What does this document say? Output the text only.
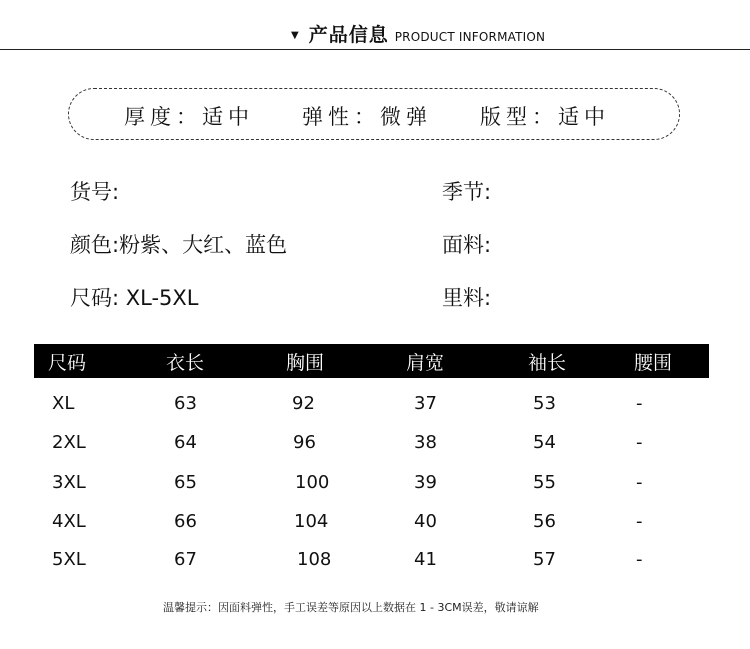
▼ 产品信息 PRODUCT INFORMATION
厚度：适中 弹性：微弹 版型：适中
货号:	季节:
颜色:粉紫、大红、蓝色	面料:
尺码: XL-5XL	里料:
尺码	衣长	胸围	肩宽	袖长	腰围
XL	63	92	37	53	-
2XL	64	96	38	54	-
3XL	65	100	39	55	-
4XL	66	104	40	56	-
5XL	67	108	41	57	-
温馨提示：因面料弹性，手工误差等原因以上数据在 1 - 3CM误差，敬请谅解
